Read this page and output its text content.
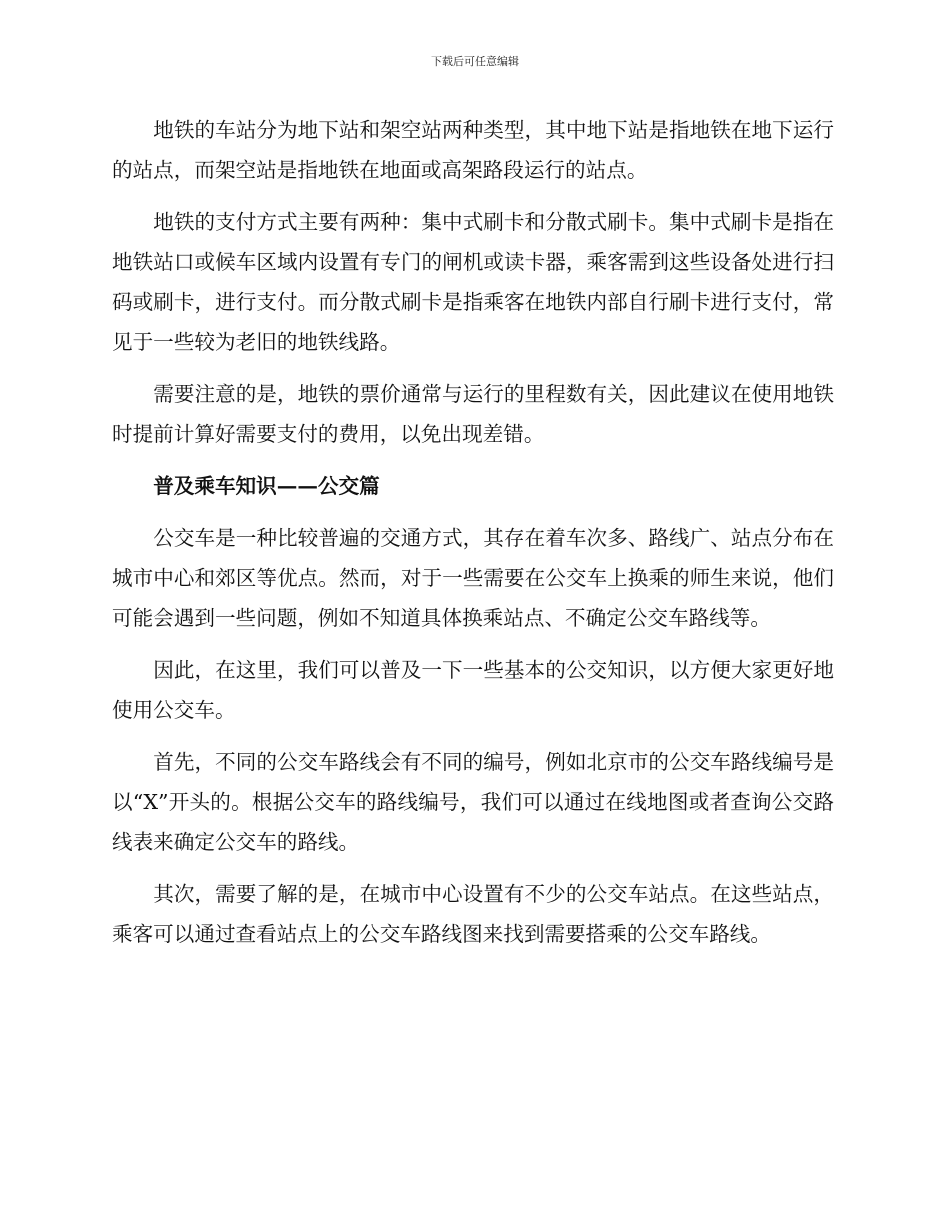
下载后可任意编辑

地铁的车站分为地下站和架空站两种类型，其中地下站是指地铁在地下运行的站点，而架空站是指地铁在地面或高架路段运行的站点。

地铁的支付方式主要有两种：集中式刷卡和分散式刷卡。集中式刷卡是指在地铁站口或候车区域内设置有专门的闸机或读卡器，乘客需到这些设备处进行扫码或刷卡，进行支付。而分散式刷卡是指乘客在地铁内部自行刷卡进行支付，常见于一些较为老旧的地铁线路。

需要注意的是，地铁的票价通常与运行的里程数有关，因此建议在使用地铁时提前计算好需要支付的费用，以免出现差错。

普及乘车知识——公交篇

公交车是一种比较普遍的交通方式，其存在着车次多、路线广、站点分布在城市中心和郊区等优点。然而，对于一些需要在公交车上换乘的师生来说，他们可能会遇到一些问题，例如不知道具体换乘站点、不确定公交车路线等。

因此，在这里，我们可以普及一下一些基本的公交知识，以方便大家更好地使用公交车。

首先，不同的公交车路线会有不同的编号，例如北京市的公交车路线编号是以“X”开头的。根据公交车的路线编号，我们可以通过在线地图或者查询公交路线表来确定公交车的路线。

其次，需要了解的是，在城市中心设置有不少的公交车站点。在这些站点，乘客可以通过查看站点上的公交车路线图来找到需要搭乘的公交车路线。
